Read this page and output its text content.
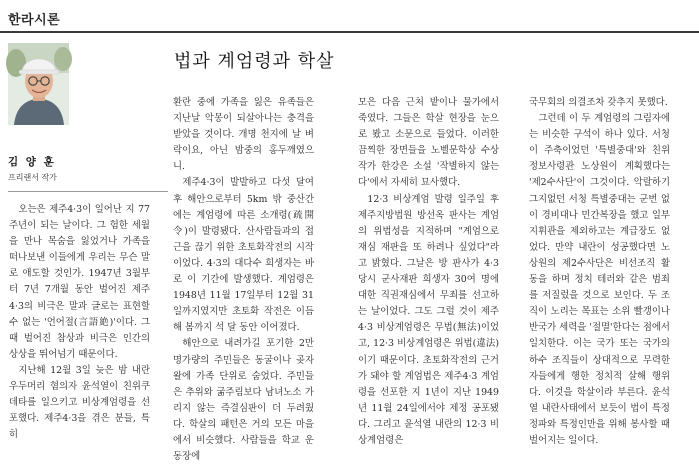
한라시론
김 양 훈
프리랜서 작가
법과 계엄령과 학살

오는은 제주4·3이 일어난 지 77주년이 되는 날이다. 그 험한 세월을 만나 목숨을 잃었거나 가족을 떠나보낸 이들에게 우리는 무슨 말로 애도할 것인가. 1947년 3월부터 7년 7개월 동안 벌어진 제주4·3의 비극은 말과 글로는 표현할 수 없는 '언어절(言語絶)'이다. 그때 벌어진 참상과 비극은 인간의 상상을 뛰어넘기 때문이다.

지난해 12월 3일 늦은 밤 내란 우두머리 혐의자 윤석열이 친위쿠데타를 일으키고 비상계엄령을 선포했다. 제주4·3을 겪은 분들, 특히

환란 중에 가족을 잃은 유족들은 지난날 악몽이 되살아나는 충격을 받았을 것이다. 개명 천지에 날 벼락이요, 아닌 밤중의 홍두깨였으니.

제주4·3이 발발하고 다섯 달여 후 해안으로부터 5km 밖 중산간에는 계엄령에 따른 소개령(疏開令)이 발령됐다. 산사람들과의 접근을 끊기 위한 초토화작전의 시작이었다. 4·3의 대다수 희생자는 바로 이 기간에 발생했다. 계엄령은 1948년 11월 17일부터 12월 31일까지였지만 초토화 작전은 이듬해 봄까지 석 달 동안 이어졌다.

해안으로 내려가길 포기한 2만 명가량의 주민들은 동굴이나 곶자왈에 가족 단위로 숨었다. 주민들은 추위와 굶주림보다 남녀노소 가리지 않는 즉결심판이 더 두려웠다. 학살의 패턴은 거의 모든 마을에서 비슷했다. 사람들을 학교 운동장에

모은 다음 근처 밭이나 물가에서 죽였다. 그들은 학살 현장을 눈으로 봤고 소문으로 들었다. 이러한 끔찍한 장면들을 노벨문학상 수상 작가 한강은 소설 '작별하지 않는다'에서 자세히 묘사했다.

12·3 비상계엄 발령 일주일 후 제주지방법원 방선옥 판사는 계엄의 위법성을 지적하며 "계엄으로 재심 재판을 또 하려나 싶었다"라고 밝혔다. 그날은 방 판사가 4·3 당시 군사재판 희생자 30여 명에 대한 직권재심에서 무죄를 선고하는 날이었다. 그도 그럴 것이 제주4·3 비상계엄령은 무법(無法)이었고, 12·3 비상계엄령은 위법(違法)이기 때문이다. 초토화작전의 근거가 돼야 할 계엄법은 제주4·3 계엄령을 선포한 지 1년이 지난 1949년 11월 24일에서야 제정 공포됐다. 그리고 윤석열 내란의 12·3 비상계엄령은

국무회의 의결조차 갖추지 못했다.

그런데 이 두 계엄령의 그림자에는 비슷한 구석이 하나 있다. 서청이 주축이었던 '특별중대'와 친위 정보사령관 노상원이 계획했다는 '제2수사단'이 그것이다. 악랄하기 그지없던 서청 특별중대는 군번 없이 경비대나 민간복장을 했고 일부 지휘관을 제외하고는 계급장도 없었다. 만약 내란이 성공했다면 노상원의 제2수사단은 비선조직 활동을 하며 정치 테러와 같은 범죄를 저질렀을 것으로 보인다. 두 조직이 노리는 목표는 소위 빨갱이나 반국가 세력을 '절멸'한다는 점에서 일치한다. 이는 국가 또는 국가의 하수 조직들이 상대적으로 무력한 자들에게 행한 정치적 살해 행위다. 이것을 학살이라 부른다. 윤석열 내란사태에서 보듯이 법이 특정 정파와 특정인만을 위해 봉사할 때 벌어지는 일이다.
